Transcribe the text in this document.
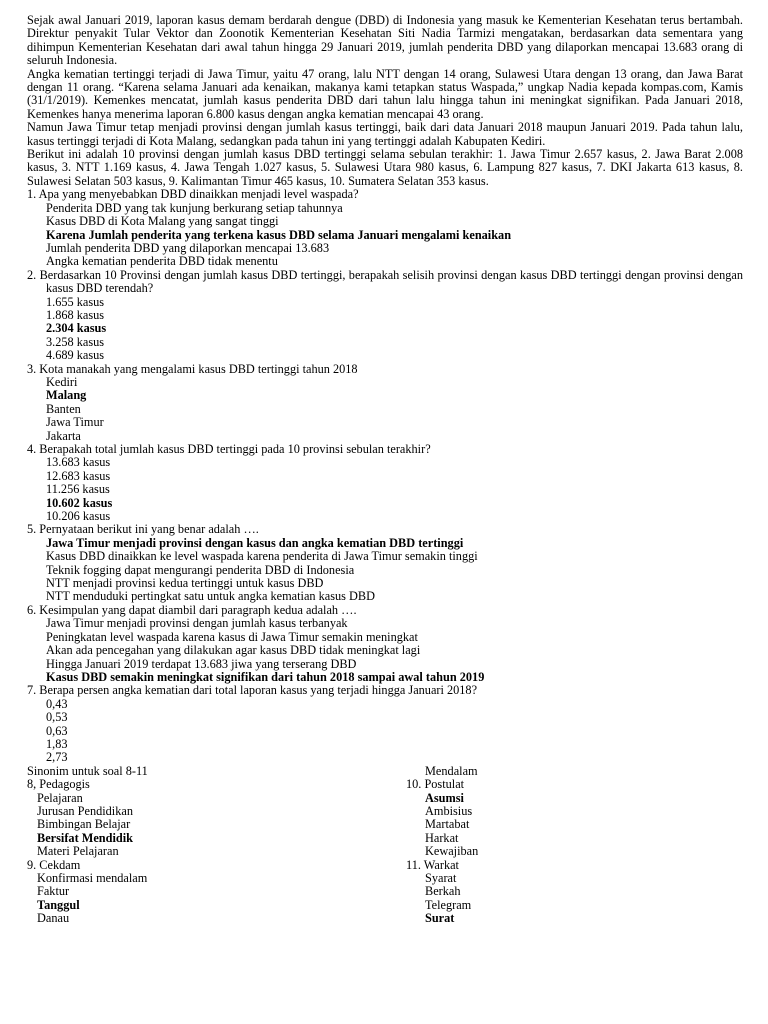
Sejak awal Januari 2019, laporan kasus demam berdarah dengue (DBD) di Indonesia yang masuk ke Kementerian Kesehatan terus bertambah. Direktur penyakit Tular Vektor dan Zoonotik Kementerian Kesehatan Siti Nadia Tarmizi mengatakan, berdasarkan data sementara yang dihimpun Kementerian Kesehatan dari awal tahun hingga 29 Januari 2019, jumlah penderita DBD yang dilaporkan mencapai 13.683 orang di seluruh Indonesia.

Angka kematian tertinggi terjadi di Jawa Timur, yaitu 47 orang, lalu NTT dengan 14 orang, Sulawesi Utara dengan 13 orang, dan Jawa Barat dengan 11 orang. “Karena selama Januari ada kenaikan, makanya kami tetapkan status Waspada,” ungkap Nadia kepada kompas.com, Kamis (31/1/2019). Kemenkes mencatat, jumlah kasus penderita DBD dari tahun lalu hingga tahun ini meningkat signifikan. Pada Januari 2018, Kemenkes hanya menerima laporan 6.800 kasus dengan angka kematian mencapai 43 orang.

Namun Jawa Timur tetap menjadi provinsi dengan jumlah kasus tertinggi, baik dari data Januari 2018 maupun Januari 2019. Pada tahun lalu, kasus tertinggi terjadi di Kota Malang, sedangkan pada tahun ini yang tertinggi adalah Kabupaten Kediri.

Berikut ini adalah 10 provinsi dengan jumlah kasus DBD tertinggi selama sebulan terakhir: 1. Jawa Timur 2.657 kasus, 2. Jawa Barat 2.008 kasus, 3. NTT 1.169 kasus, 4. Jawa Tengah 1.027 kasus, 5. Sulawesi Utara 980 kasus, 6. Lampung 827 kasus, 7. DKI Jakarta 613 kasus, 8. Sulawesi Selatan 503 kasus, 9. Kalimantan Timur 465 kasus, 10. Sumatera Selatan 353 kasus.

1. Apa yang menyebabkan DBD dinaikkan menjadi level waspada?

Penderita DBD yang tak kunjung berkurang setiap tahunnya
Kasus DBD di Kota Malang yang sangat tinggi
Karena Jumlah penderita yang terkena kasus DBD selama Januari mengalami kenaikan
Jumlah penderita DBD yang dilaporkan mencapai 13.683
Angka kematian penderita DBD tidak menentu

2. Berdasarkan 10 Provinsi dengan jumlah kasus DBD tertinggi, berapakah selisih provinsi dengan kasus DBD tertinggi dengan provinsi dengan kasus DBD terendah?

1.655 kasus
1.868 kasus
2.304 kasus
3.258 kasus
4.689 kasus

3. Kota manakah yang mengalami kasus DBD tertinggi tahun 2018

Kediri
Malang
Banten
Jawa Timur
Jakarta

4. Berapakah total jumlah kasus DBD tertinggi pada 10 provinsi sebulan terakhir?

13.683 kasus
12.683 kasus
11.256 kasus
10.602 kasus
10.206 kasus

5. Pernyataan berikut ini yang benar adalah ….

Jawa Timur menjadi provinsi dengan kasus dan angka kematian DBD tertinggi
Kasus DBD dinaikkan ke level waspada karena penderita di Jawa Timur semakin tinggi
Teknik fogging dapat mengurangi penderita DBD di Indonesia
NTT menjadi provinsi kedua tertinggi untuk kasus DBD
NTT menduduki pertingkat satu untuk angka kematian kasus DBD

6. Kesimpulan yang dapat diambil dari paragraph kedua adalah ….

Jawa Timur menjadi provinsi dengan jumlah kasus terbanyak
Peningkatan level waspada karena kasus di Jawa Timur semakin meningkat
Akan ada pencegahan yang dilakukan agar kasus DBD tidak meningkat lagi
Hingga Januari 2019 terdapat 13.683 jiwa yang terserang DBD
Kasus DBD semakin meningkat signifikan dari tahun 2018 sampai awal tahun 2019

7. Berapa persen angka kematian dari total laporan kasus yang terjadi hingga Januari 2018?

0,43
0,53
0,63
1,83
2,73
Sinonim untuk soal 8-11
8, Pedagogis
Pelajaran
Jurusan Pendidikan
Bimbingan Belajar
Bersifat Mendidik
Materi Pelajaran
9. Cekdam
Konfirmasi mendalam
Faktur
Tanggul
Danau
Mendalam
10. Postulat
Asumsi
Ambisius
Martabat
Harkat
Kewajiban
11. Warkat
Syarat
Berkah
Telegram
Surat
